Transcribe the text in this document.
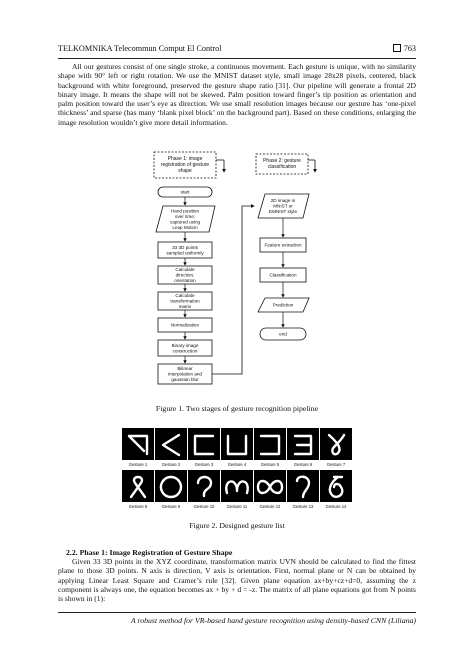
TELKOMNIKA Telecommun Comput El Control	763
All our gestures consist of one single stroke, a continuous movement. Each gesture is unique, with no similarity shape with 90° left or right rotation. We use the MNIST dataset style, small image 28x28 pixels, centered, black background with white foreground, preserved the gesture shape ratio [31]. Our pipeline will generate a frontal 2D binary image. It means the shape will not be skewed. Palm position toward finger’s tip position as orientation and palm position toward the user’s eye as direction. We use small resolution images because our gesture has ‘one-pixel thickness’ and sparse (has many ‘blank pixel block’ on the background part). Based on these conditions, enlarging the image resolution wouldn’t give more detail information.
Phase 1: image
registration of gesture
shape
Phase 2: gesture
classification
start
Hand position
over time;
captured using
Leap Motion
33 3D points
sampled uniformly
Calculate
direction,
orientation
Calculate
transformation
matrix
Normalization
Binary image
construction
Bilinear
interpolation and
gaussian blur
2D image in
MNIST or
EMNIST style
Feature extraction
Classification
Prediction
end
Figure 1. Two stages of gesture recognition pipeline
Gesture 1	Gesture 2	Gesture 3	Gesture 4	Gesture 5	Gesture 6	Gesture 7
Gesture 8	Gesture 9	Gesture 10	Gesture 11	Gesture 12	Gesture 13	Gesture 14
Figure 2. Designed gesture list
2.2. Phase 1: Image Registration of Gesture Shape
Given 33 3D points in the XYZ coordinate, transformation matrix UVN should be calculated to find the fittest plane to those 3D points. N axis is direction, V axis is orientation. First, normal plane or N can be obtained by applying Linear Least Square and Cramer’s rule [32]. Given plane equation ax+by+cz+d=0, assuming the z component is always one, the equation becomes ax + by + d = -z. The matrix of all plane equations got from N points is shown in (1):
A robust method for VR-based hand gesture recognition using density-based CNN (Liliana)
